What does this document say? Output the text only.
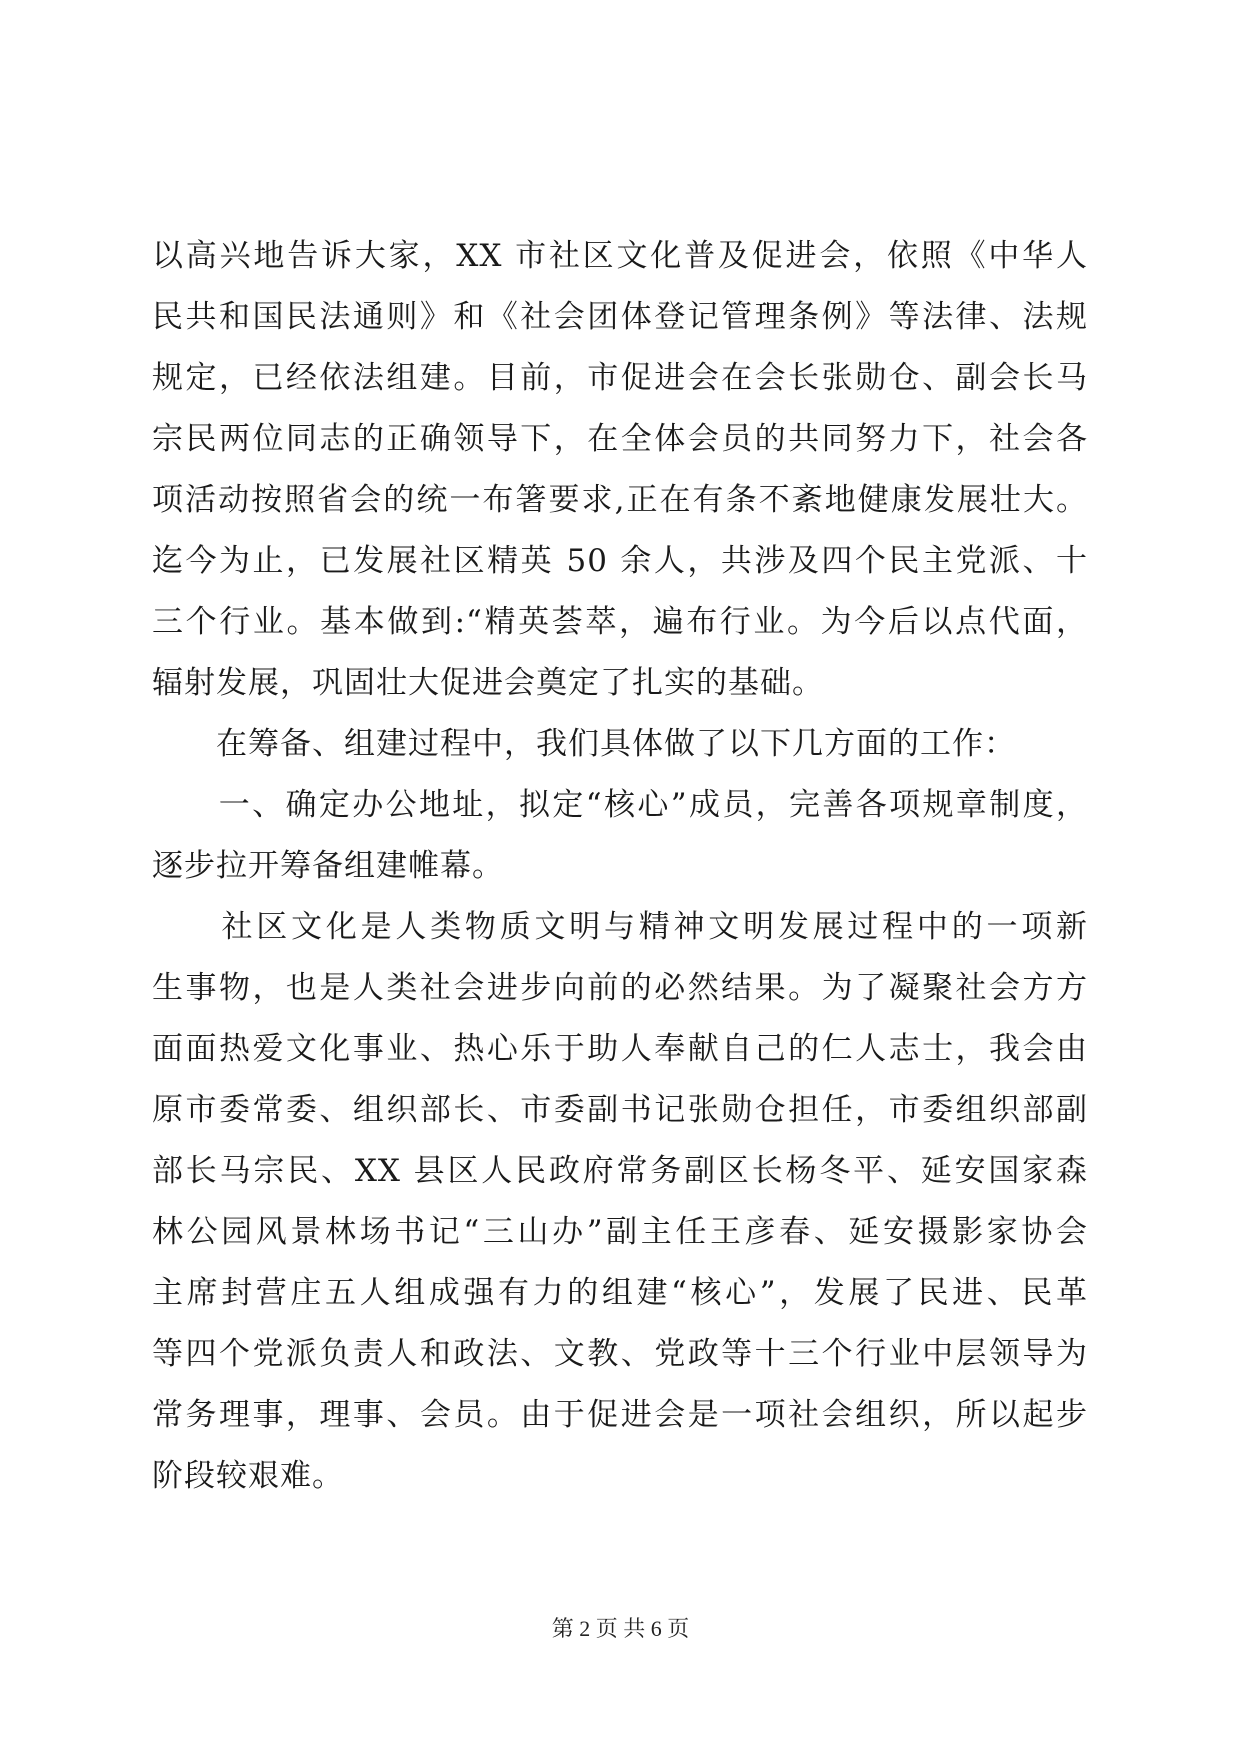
以高兴地告诉大家，XX 市社区文化普及促进会，依照《中华人
民共和国民法通则》和《社会团体登记管理条例》等法律、法规
规定，已经依法组建。目前，市促进会在会长张勋仓、副会长马
宗民两位同志的正确领导下，在全体会员的共同努力下，社会各
项活动按照省会的统一布箸要求,正在有条不紊地健康发展壮大。
迄今为止，已发展社区精英 50 余人，共涉及四个民主党派、十
三个行业。基本做到:“精英荟萃，遍布行业。为今后以点代面，
辐射发展，巩固壮大促进会奠定了扎实的基础。
　　在筹备、组建过程中，我们具体做了以下几方面的工作：
　　一、确定办公地址，拟定“核心”成员，完善各项规章制度，
逐步拉开筹备组建帷幕。
　　社区文化是人类物质文明与精神文明发展过程中的一项新
生事物，也是人类社会进步向前的必然结果。为了凝聚社会方方
面面热爱文化事业、热心乐于助人奉献自己的仁人志士，我会由
原市委常委、组织部长、市委副书记张勋仓担任，市委组织部副
部长马宗民、XX 县区人民政府常务副区长杨冬平、延安国家森
林公园风景林场书记“三山办”副主任王彦春、延安摄影家协会
主席封营庄五人组成强有力的组建“核心”，发展了民进、民革
等四个党派负责人和政法、文教、党政等十三个行业中层领导为
常务理事，理事、会员。由于促进会是一项社会组织，所以起步
阶段较艰难。
第 2 页 共 6 页
